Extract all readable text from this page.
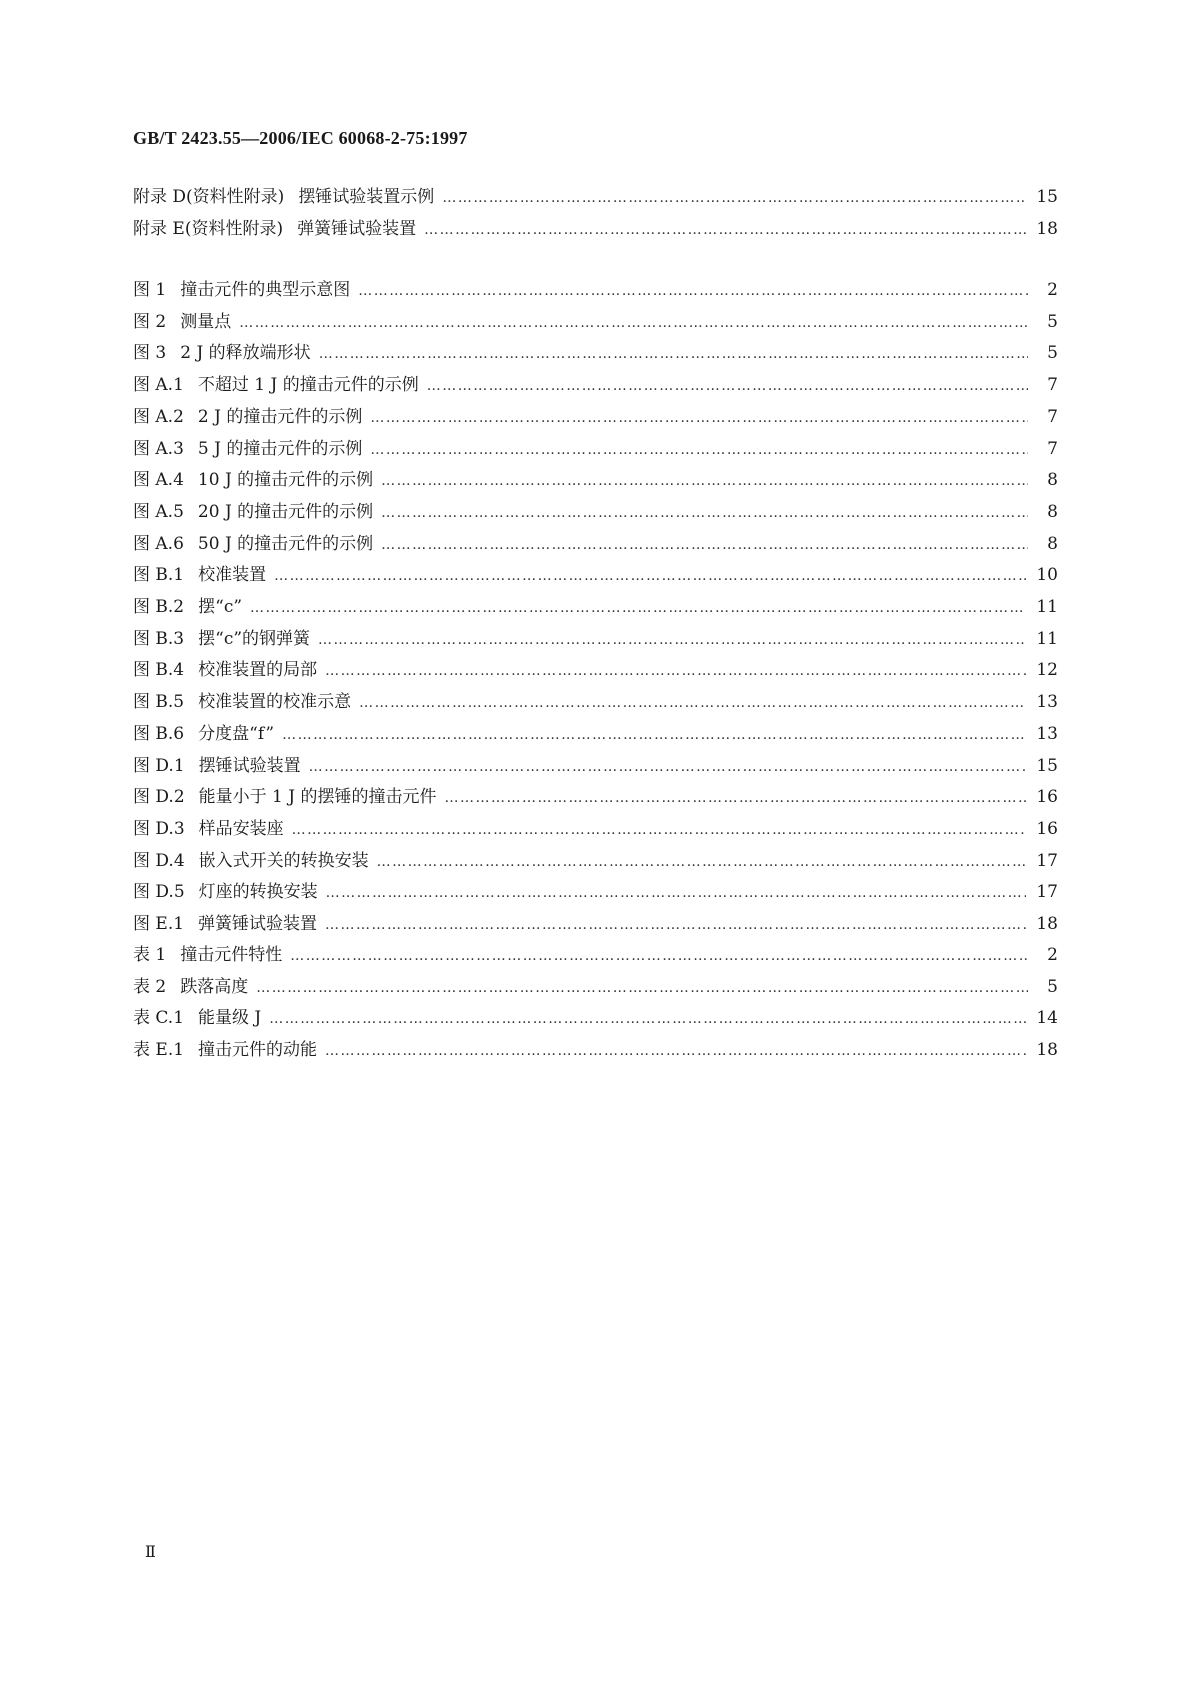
GB/T 2423.55—2006/IEC 60068-2-75:1997
附录 D(资料性附录) 摆锤试验装置示例 …………………………………………………………………………………………………………………………………………………………………………………………………………………………	15
附录 E(资料性附录) 弹簧锤试验装置 …………………………………………………………………………………………………………………………………………………………………………………………………………………………	18
图 1 撞击元件的典型示意图 …………………………………………………………………………………………………………………………………………………………………………………………………………………………	2
图 2 测量点 …………………………………………………………………………………………………………………………………………………………………………………………………………………………	5
图 3 2 J 的释放端形状 …………………………………………………………………………………………………………………………………………………………………………………………………………………………	5
图 A.1 不超过 1 J 的撞击元件的示例 …………………………………………………………………………………………………………………………………………………………………………………………………………………………	7
图 A.2 2 J 的撞击元件的示例 …………………………………………………………………………………………………………………………………………………………………………………………………………………………	7
图 A.3 5 J 的撞击元件的示例 …………………………………………………………………………………………………………………………………………………………………………………………………………………………	7
图 A.4 10 J 的撞击元件的示例 …………………………………………………………………………………………………………………………………………………………………………………………………………………………	8
图 A.5 20 J 的撞击元件的示例 …………………………………………………………………………………………………………………………………………………………………………………………………………………………	8
图 A.6 50 J 的撞击元件的示例 …………………………………………………………………………………………………………………………………………………………………………………………………………………………	8
图 B.1 校准装置 …………………………………………………………………………………………………………………………………………………………………………………………………………………………	10
图 B.2 摆“c” …………………………………………………………………………………………………………………………………………………………………………………………………………………………	11
图 B.3 摆“c”的钢弹簧 …………………………………………………………………………………………………………………………………………………………………………………………………………………………	11
图 B.4 校准装置的局部 …………………………………………………………………………………………………………………………………………………………………………………………………………………………	12
图 B.5 校准装置的校准示意 …………………………………………………………………………………………………………………………………………………………………………………………………………………………	13
图 B.6 分度盘“f” …………………………………………………………………………………………………………………………………………………………………………………………………………………………	13
图 D.1 摆锤试验装置 …………………………………………………………………………………………………………………………………………………………………………………………………………………………	15
图 D.2 能量小于 1 J 的摆锤的撞击元件 …………………………………………………………………………………………………………………………………………………………………………………………………………………………	16
图 D.3 样品安装座 …………………………………………………………………………………………………………………………………………………………………………………………………………………………	16
图 D.4 嵌入式开关的转换安装 …………………………………………………………………………………………………………………………………………………………………………………………………………………………	17
图 D.5 灯座的转换安装 …………………………………………………………………………………………………………………………………………………………………………………………………………………………	17
图 E.1 弹簧锤试验装置 …………………………………………………………………………………………………………………………………………………………………………………………………………………………	18
表 1 撞击元件特性 …………………………………………………………………………………………………………………………………………………………………………………………………………………………	2
表 2 跌落高度 …………………………………………………………………………………………………………………………………………………………………………………………………………………………	5
表 C.1 能量级 J …………………………………………………………………………………………………………………………………………………………………………………………………………………………	14
表 E.1 撞击元件的动能 …………………………………………………………………………………………………………………………………………………………………………………………………………………………	18
Ⅱ
